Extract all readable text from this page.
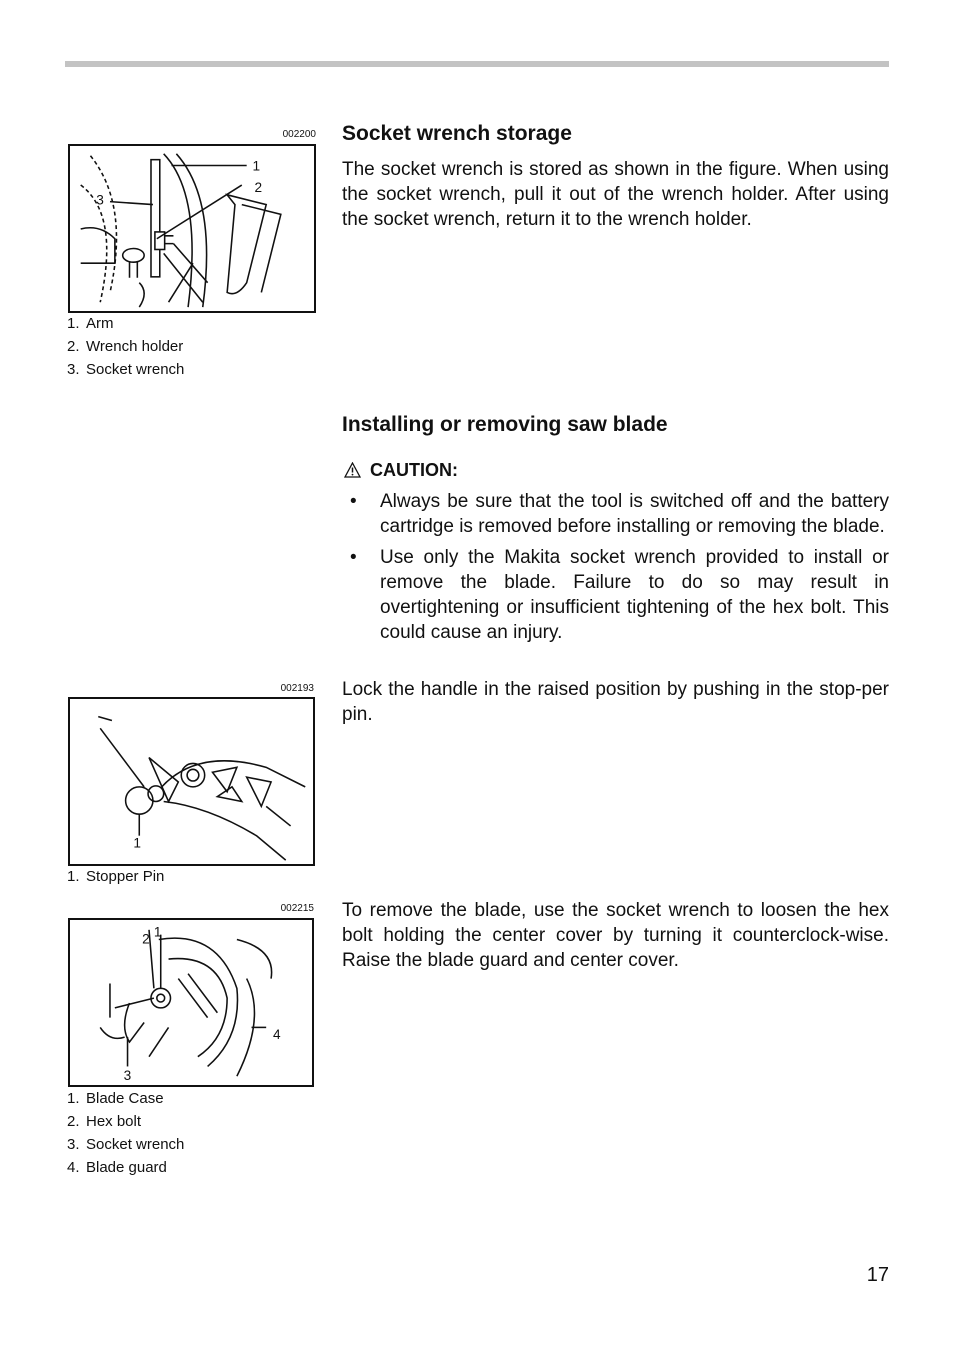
002200
1
2
3
1. Arm
2. Wrench holder
3. Socket wrench
002193
1
1. Stopper Pin
002215
2 1
4
3
1. Blade Case
2. Hex bolt
3. Socket wrench
4. Blade guard
Socket wrench storage

The socket wrench is stored as shown in the figure. When using the socket wrench, pull it out of the wrench holder. After using the socket wrench, return it to the wrench holder.

Installing or removing saw blade
CAUTION:
• Always be sure that the tool is switched off and the battery cartridge is removed before installing or removing the blade.
• Use only the Makita socket wrench provided to install or remove the blade. Failure to do so may result in overtightening or insufficient tightening of the hex bolt. This could cause an injury.

Lock the handle in the raised position by pushing in the stop-per pin.

To remove the blade, use the socket wrench to loosen the hex bolt holding the center cover by turning it counterclock-wise. Raise the blade guard and center cover.

17
